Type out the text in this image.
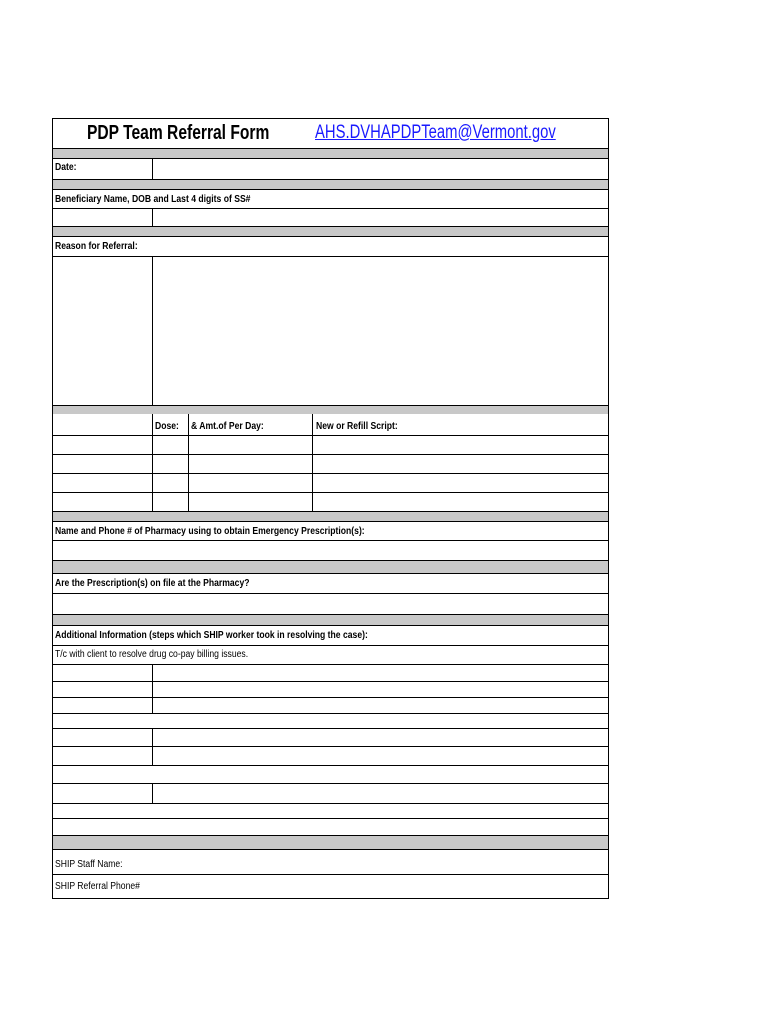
PDP Team Referral Form AHS.DVHAPDPTeam@Vermont.gov
Date:
Beneficiary Name, DOB and Last 4 digits of SS#
Reason for Referral:
Dose: & Amt.of Per Day:	New or Refill Script:
Name and Phone # of Pharmacy using to obtain Emergency Prescription(s):
Are the Prescription(s) on file at the Pharmacy?
Additional Information (steps which SHIP worker took in resolving the case):
T/c with client to resolve drug co-pay billing issues.
SHIP Staff Name:
SHIP Referral Phone#
